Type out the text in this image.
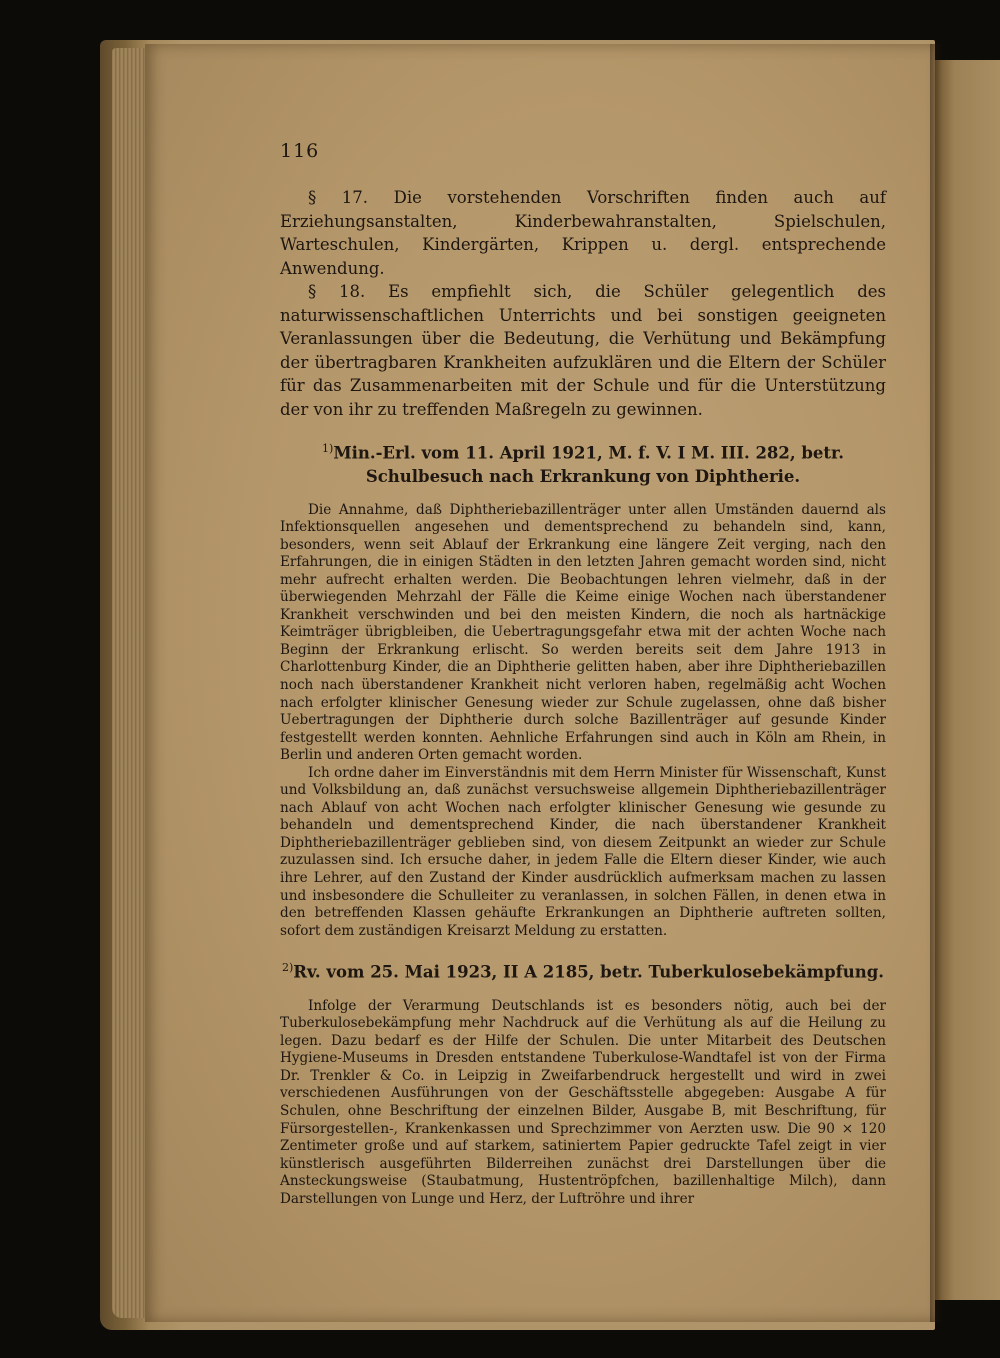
116

§ 17. Die vorstehenden Vorschriften finden auch auf Erziehungsanstalten, Kinderbewahranstalten, Spielschulen, Warteschulen, Kindergärten, Krippen u. dergl. entsprechende Anwendung.

§ 18. Es empfiehlt sich, die Schüler gelegentlich des naturwissenschaftlichen Unterrichts und bei sonstigen geeigneten Veranlassungen über die Bedeutung, die Verhütung und Bekämpfung der übertragbaren Krankheiten aufzuklären und die Eltern der Schüler für das Zusammenarbeiten mit der Schule und für die Unterstützung der von ihr zu treffenden Maßregeln zu gewinnen.

$^{1)}$Min.-Erl. vom 11. April 1921, M. f. V. I M. III. 282, betr. Schulbesuch nach Erkrankung von Diphtherie.

Die Annahme, daß Diphtheriebazillenträger unter allen Umständen dauernd als Infektionsquellen angesehen und dementsprechend zu behandeln sind, kann, besonders, wenn seit Ablauf der Erkrankung eine längere Zeit verging, nach den Erfahrungen, die in einigen Städten in den letzten Jahren gemacht worden sind, nicht mehr aufrecht erhalten werden. Die Beobachtungen lehren vielmehr, daß in der überwiegenden Mehrzahl der Fälle die Keime einige Wochen nach überstandener Krankheit verschwinden und bei den meisten Kindern, die noch als hartnäckige Keimträger übrigbleiben, die Uebertragungsgefahr etwa mit der achten Woche nach Beginn der Erkrankung erlischt. So werden bereits seit dem Jahre 1913 in Charlottenburg Kinder, die an Diphtherie gelitten haben, aber ihre Diphtheriebazillen noch nach überstandener Krankheit nicht verloren haben, regelmäßig acht Wochen nach erfolgter klinischer Genesung wieder zur Schule zugelassen, ohne daß bisher Uebertragungen der Diphtherie durch solche Bazillenträger auf gesunde Kinder festgestellt werden konnten. Aehnliche Erfahrungen sind auch in Köln am Rhein, in Berlin und anderen Orten gemacht worden.

Ich ordne daher im Einverständnis mit dem Herrn Minister für Wissenschaft, Kunst und Volksbildung an, daß zunächst versuchsweise allgemein Diphtheriebazillenträger nach Ablauf von acht Wochen nach erfolgter klinischer Genesung wie gesunde zu behandeln und dementsprechend Kinder, die nach überstandener Krankheit Diphtheriebazillenträger geblieben sind, von diesem Zeitpunkt an wieder zur Schule zuzulassen sind. Ich ersuche daher, in jedem Falle die Eltern dieser Kinder, wie auch ihre Lehrer, auf den Zustand der Kinder ausdrücklich aufmerksam machen zu lassen und insbesondere die Schulleiter zu veranlassen, in solchen Fällen, in denen etwa in den betreffenden Klassen gehäufte Erkrankungen an Diphtherie auftreten sollten, sofort dem zuständigen Kreisarzt Meldung zu erstatten.

$^{2)}$Rv. vom 25. Mai 1923, II A 2185, betr. Tuberkulosebekämpfung.

Infolge der Verarmung Deutschlands ist es besonders nötig, auch bei der Tuberkulosebekämpfung mehr Nachdruck auf die Verhütung als auf die Heilung zu legen. Dazu bedarf es der Hilfe der Schulen. Die unter Mitarbeit des Deutschen Hygiene-Museums in Dresden entstandene Tuberkulose-Wandtafel ist von der Firma Dr. Trenkler & Co. in Leipzig in Zweifarbendruck hergestellt und wird in zwei verschiedenen Ausführungen von der Geschäftsstelle abgegeben: Ausgabe A für Schulen, ohne Beschriftung der einzelnen Bilder, Ausgabe B, mit Beschriftung, für Fürsorgestellen-, Krankenkassen und Sprechzimmer von Aerzten usw. Die 90 × 120 Zentimeter große und auf starkem, satiniertem Papier gedruckte Tafel zeigt in vier künstlerisch ausgeführten Bilderreihen zunächst drei Darstellungen über die Ansteckungsweise (Staubatmung, Hustentröpfchen, bazillenhaltige Milch), dann Darstellungen von Lunge und Herz, der Luftröhre und ihrer
